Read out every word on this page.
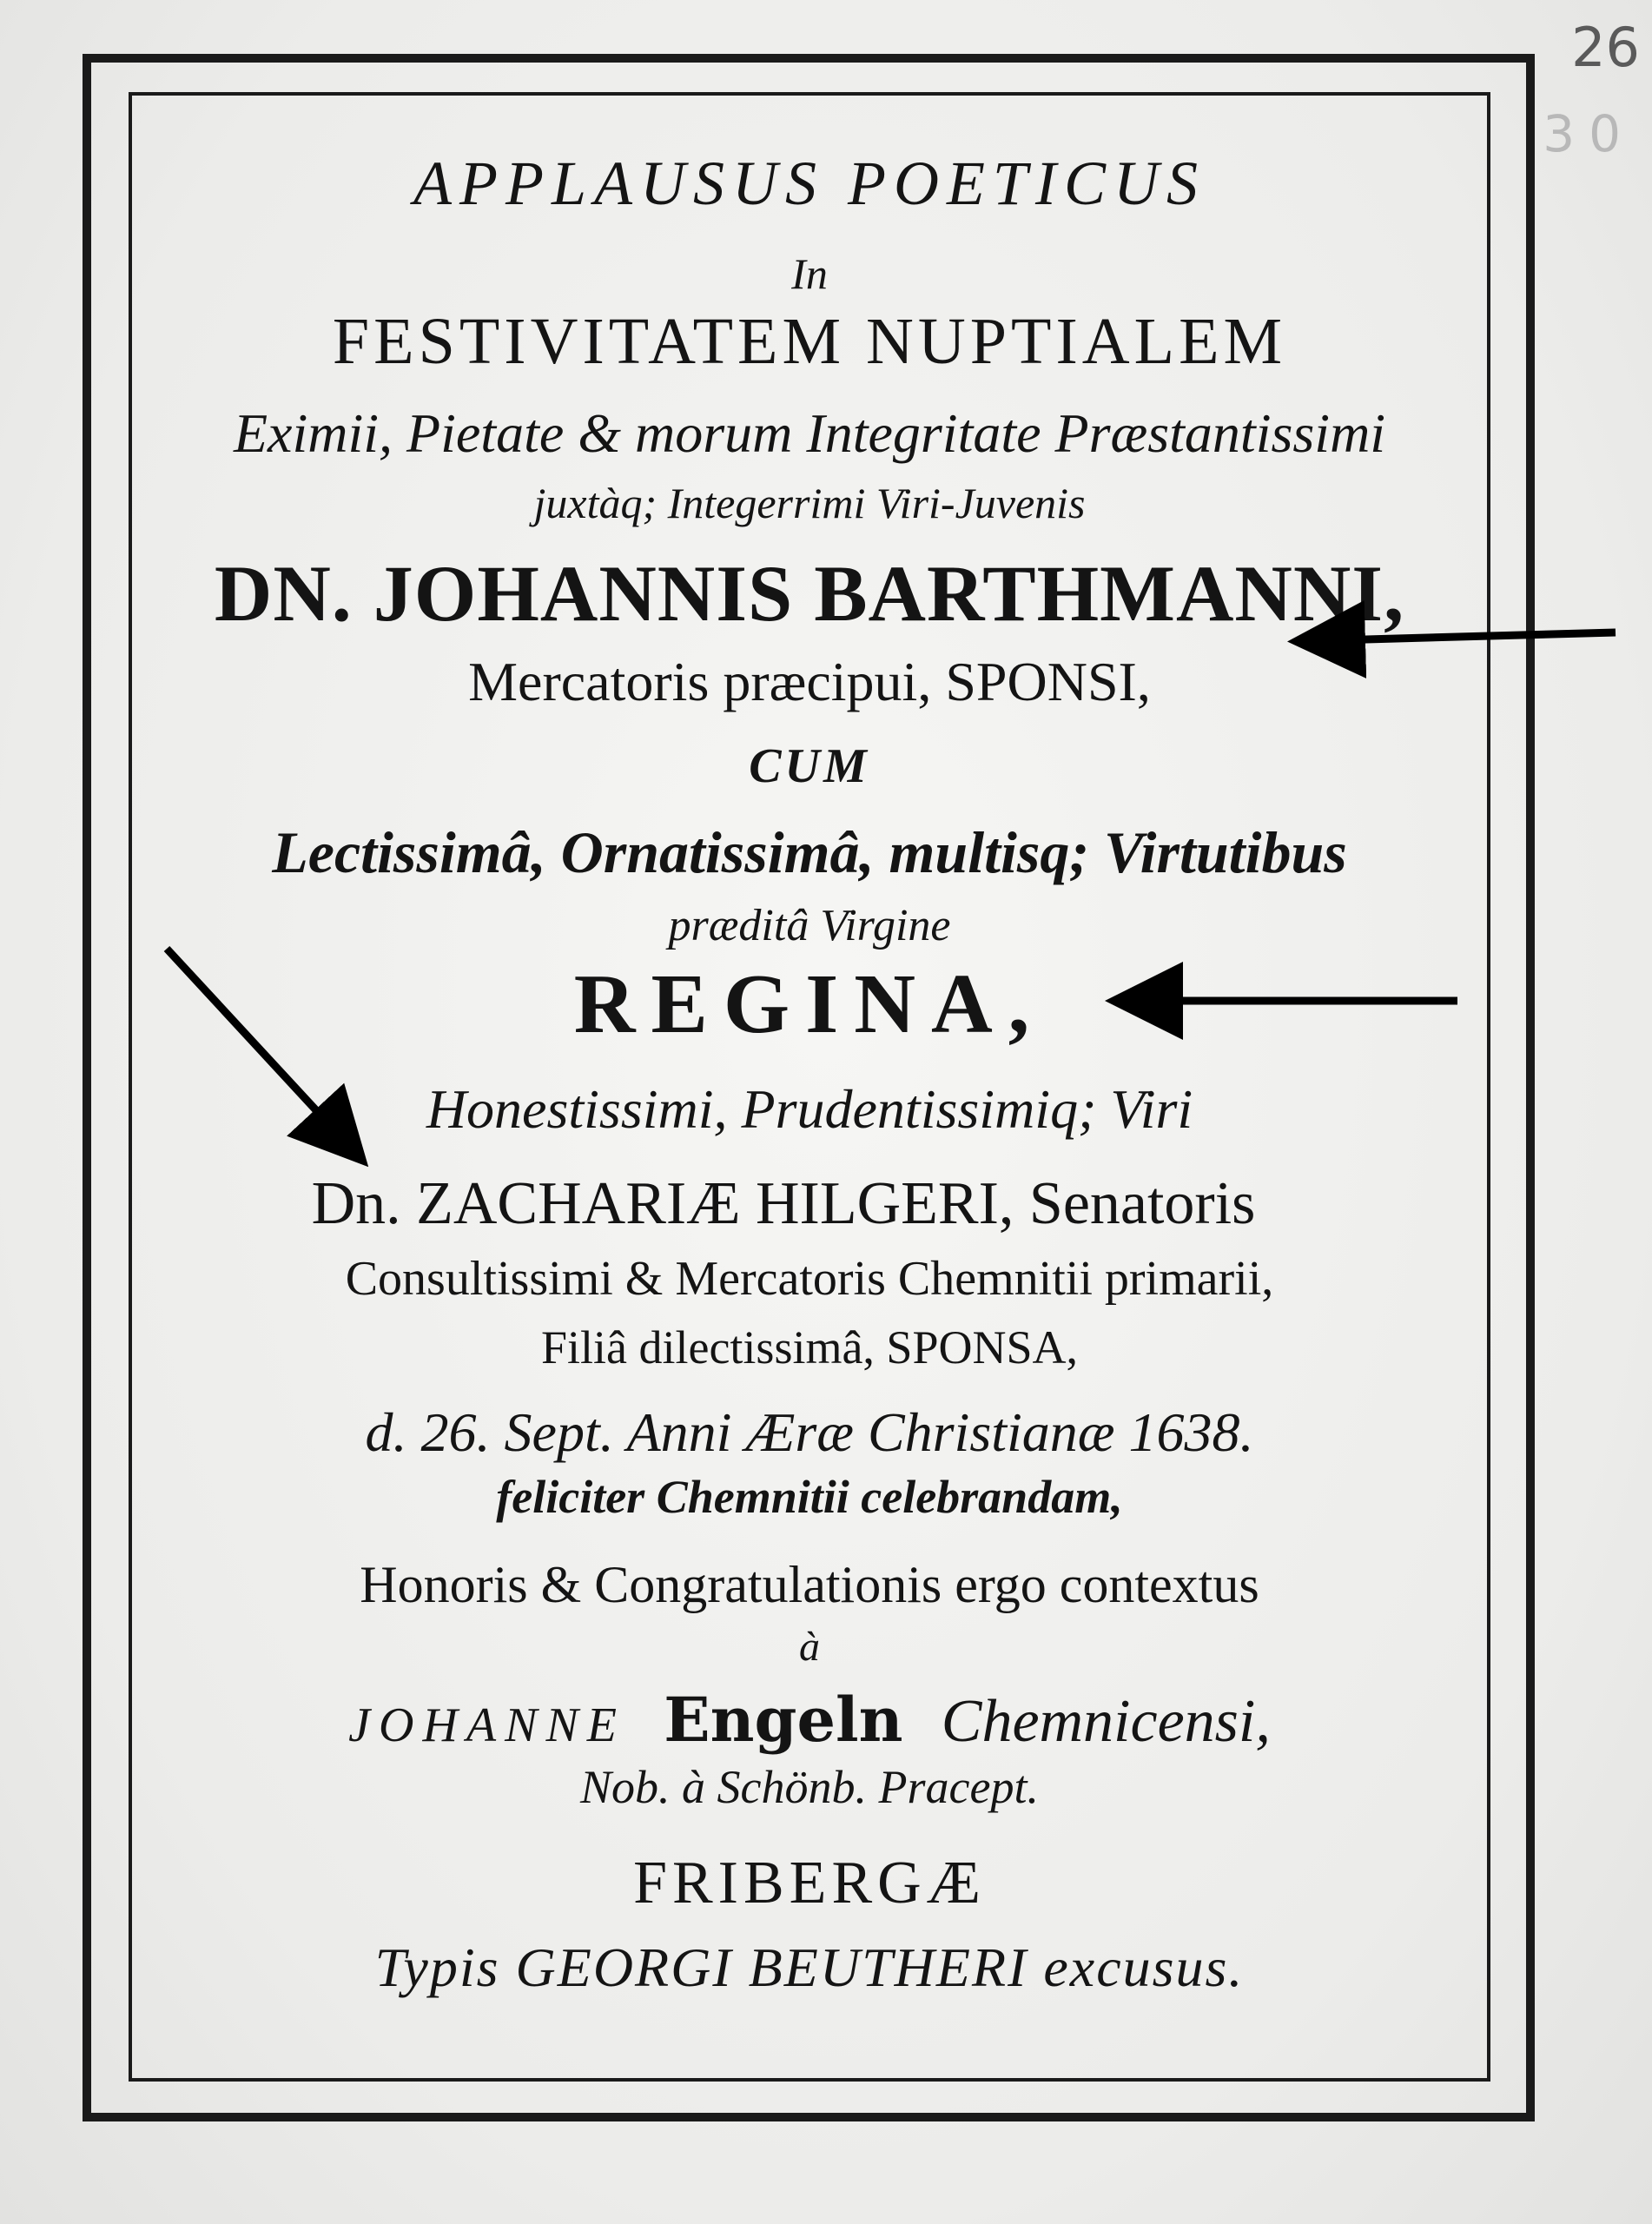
26
30
APPLAUSUS POETICUS
In
FESTIVITATEM NUPTIALEM
Eximii, Pietate & morum Integritate Præstantissimi
juxtàq; Integerrimi Viri-Juvenis
DN. JOHANNIS BARTHMANNI,
Mercatoris præcipui, SPONSI,
CUM
Lectissimâ, Ornatissimâ, multisq; Virtutibus
præditâ Virgine
REGINA,
Honestissimi, Prudentissimiq; Viri
Dn. ZACHARIÆ HILGERI, Senatoris
Consultissimi & Mercatoris Chemnitii primarii,
Filiâ dilectissimâ, SPONSA,
d. 26. Sept. Anni Æræ Christianæ 1638.
feliciter Chemnitii celebrandam,
Honoris & Congratulationis ergo contextus
à
JOHANNE Engeln Chemnicensi,
Nob. à Schönb. Pracept.
FRIBERGÆ
Typis GEORGI BEUTHERI excusus.
